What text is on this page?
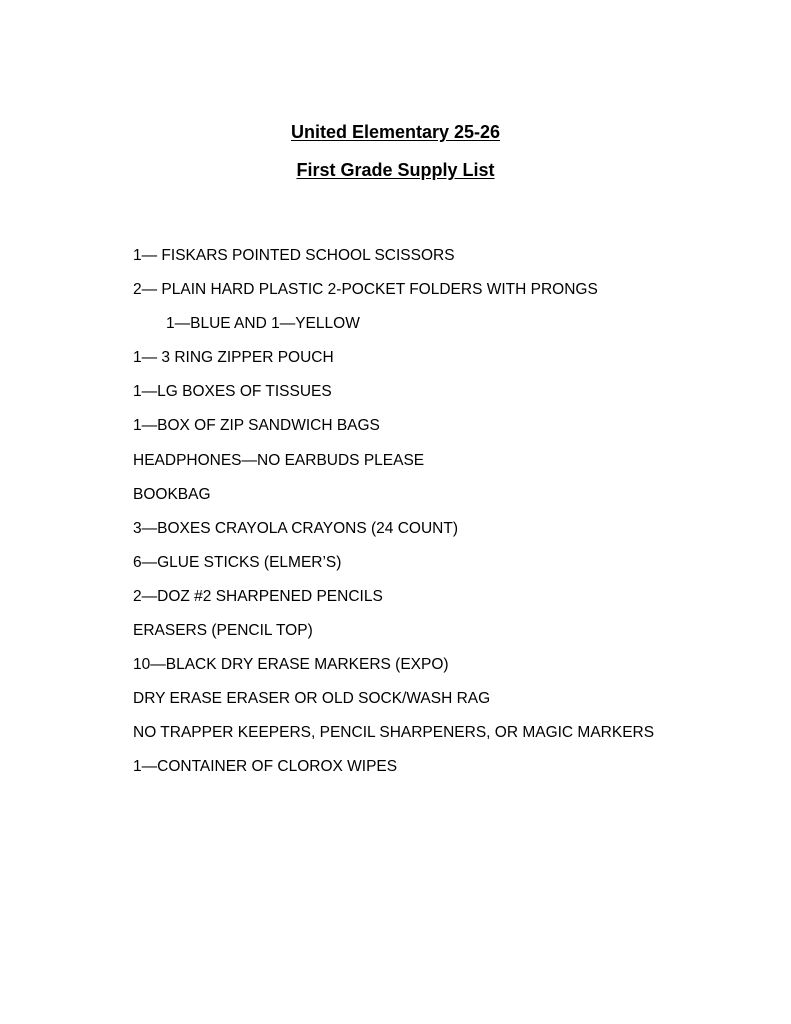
United Elementary 25-26
First Grade Supply List
1— FISKARS POINTED SCHOOL SCISSORS
2— PLAIN HARD PLASTIC 2-POCKET FOLDERS WITH PRONGS
1—BLUE AND 1—YELLOW
1— 3 RING ZIPPER POUCH
1—LG BOXES OF TISSUES
1—BOX OF ZIP SANDWICH BAGS
HEADPHONES—NO EARBUDS PLEASE
BOOKBAG
3—BOXES CRAYOLA CRAYONS (24 COUNT)
6—GLUE STICKS (ELMER’S)
2—DOZ #2 SHARPENED PENCILS
ERASERS (PENCIL TOP)
10—BLACK DRY ERASE MARKERS (EXPO)
DRY ERASE ERASER OR OLD SOCK/WASH RAG
NO TRAPPER KEEPERS, PENCIL SHARPENERS, OR MAGIC MARKERS
1—CONTAINER OF CLOROX WIPES
